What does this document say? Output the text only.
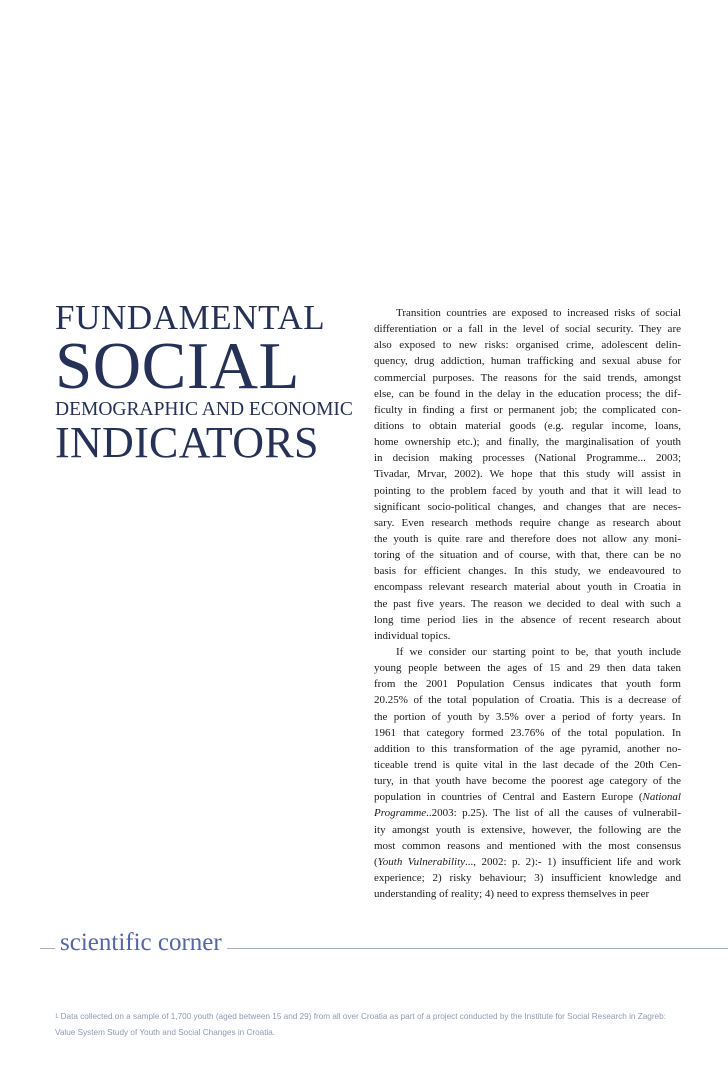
FUNDAMENTAL
SOCIAL
DEMOGRAPHIC AND ECONOMIC
INDICATORS
Transition countries are exposed to increased risks of social
differentiation or a fall in the level of social security. They are
also exposed to new risks: organised crime, adolescent delin-
quency, drug addiction, human trafficking and sexual abuse for
commercial purposes. The reasons for the said trends, amongst
else, can be found in the delay in the education process; the dif-
ficulty in finding a first or permanent job; the complicated con-
ditions to obtain material goods (e.g. regular income, loans,
home ownership etc.); and finally, the marginalisation of youth
in decision making processes (National Programme... 2003;
Tivadar, Mrvar, 2002). We hope that this study will assist in
pointing to the problem faced by youth and that it will lead to
significant socio-political changes, and changes that are neces-
sary. Even research methods require change as research about
the youth is quite rare and therefore does not allow any moni-
toring of the situation and of course, with that, there can be no
basis for efficient changes. In this study, we endeavoured to
encompass relevant research material about youth in Croatia in
the past five years. The reason we decided to deal with such a
long time period lies in the absence of recent research about
individual topics.
If we consider our starting point to be, that youth include
young people between the ages of 15 and 29 then data taken
from the 2001 Population Census indicates that youth form
20.25% of the total population of Croatia. This is a decrease of
the portion of youth by 3.5% over a period of forty years. In
1961 that category formed 23.76% of the total population. In
addition to this transformation of the age pyramid, another no-
ticeable trend is quite vital in the last decade of the 20th Cen-
tury, in that youth have become the poorest age category of the
population in countries of Central and Eastern Europe (National
Programme..2003: p.25). The list of all the causes of vulnerabil-
ity amongst youth is extensive, however, the following are the
most common reasons and mentioned with the most consensus
(Youth Vulnerability..., 2002: p. 2):- 1) insufficient life and work
experience; 2) risky behaviour; 3) insufficient knowledge and
understanding of reality; 4) need to express themselves in peer
scientific corner
$^1$ Data collected on a sample of 1,700 youth (aged between 15 and 29) from all over Croatia as part of a project conducted by the Institute for Social Research in Zagreb:
Value System Study of Youth and Social Changes in Croatia.
